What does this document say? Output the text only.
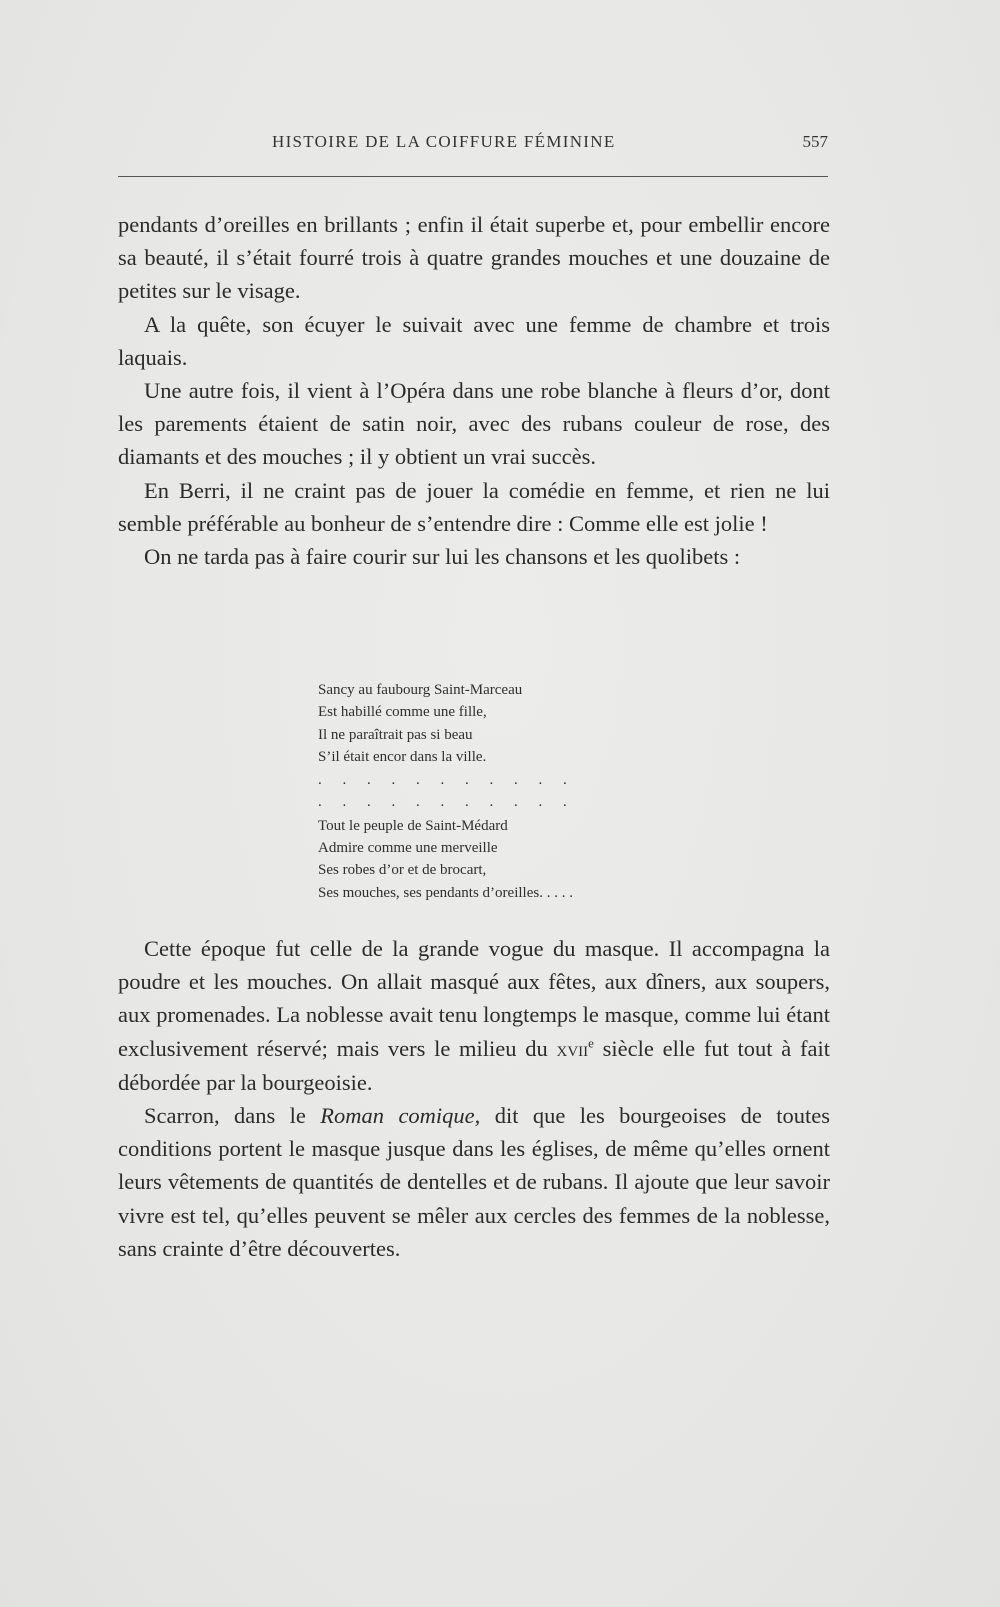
HISTOIRE DE LA COIFFURE FÉMININE	557

pendants d’oreilles en brillants ; enfin il était superbe et, pour embellir encore sa beauté, il s’était fourré trois à quatre grandes mouches et une douzaine de petites sur le visage.

A la quête, son écuyer le suivait avec une femme de chambre et trois laquais.

Une autre fois, il vient à l’Opéra dans une robe blanche à fleurs d’or, dont les parements étaient de satin noir, avec des rubans couleur de rose, des diamants et des mouches ; il y obtient un vrai succès.

En Berri, il ne craint pas de jouer la comédie en femme, et rien ne lui semble préférable au bonheur de s’entendre dire : Comme elle est jolie !

On ne tarda pas à faire courir sur lui les chansons et les quolibets :

Sancy au faubourg Saint-Marceau
Est habillé comme une fille,
Il ne paraîtrait pas si beau
S’il était encor dans la ville.
. . . . . . . . . . .
. . . . . . . . . . .
Tout le peuple de Saint-Médard
Admire comme une merveille
Ses robes d’or et de brocart,
Ses mouches, ses pendants d’oreilles. . . . .

Cette époque fut celle de la grande vogue du masque. Il accompagna la poudre et les mouches. On allait masqué aux fêtes, aux dîners, aux soupers, aux promenades. La noblesse avait tenu longtemps le masque, comme lui étant exclusivement réservé; mais vers le milieu du xvii$^e$ siècle elle fut tout à fait débordée par la bourgeoisie.

Scarron, dans le Roman comique, dit que les bourgeoises de toutes conditions portent le masque jusque dans les églises, de même qu’elles ornent leurs vêtements de quantités de dentelles et de rubans. Il ajoute que leur savoir vivre est tel, qu’elles peuvent se mêler aux cercles des femmes de la noblesse, sans crainte d’être découvertes.
